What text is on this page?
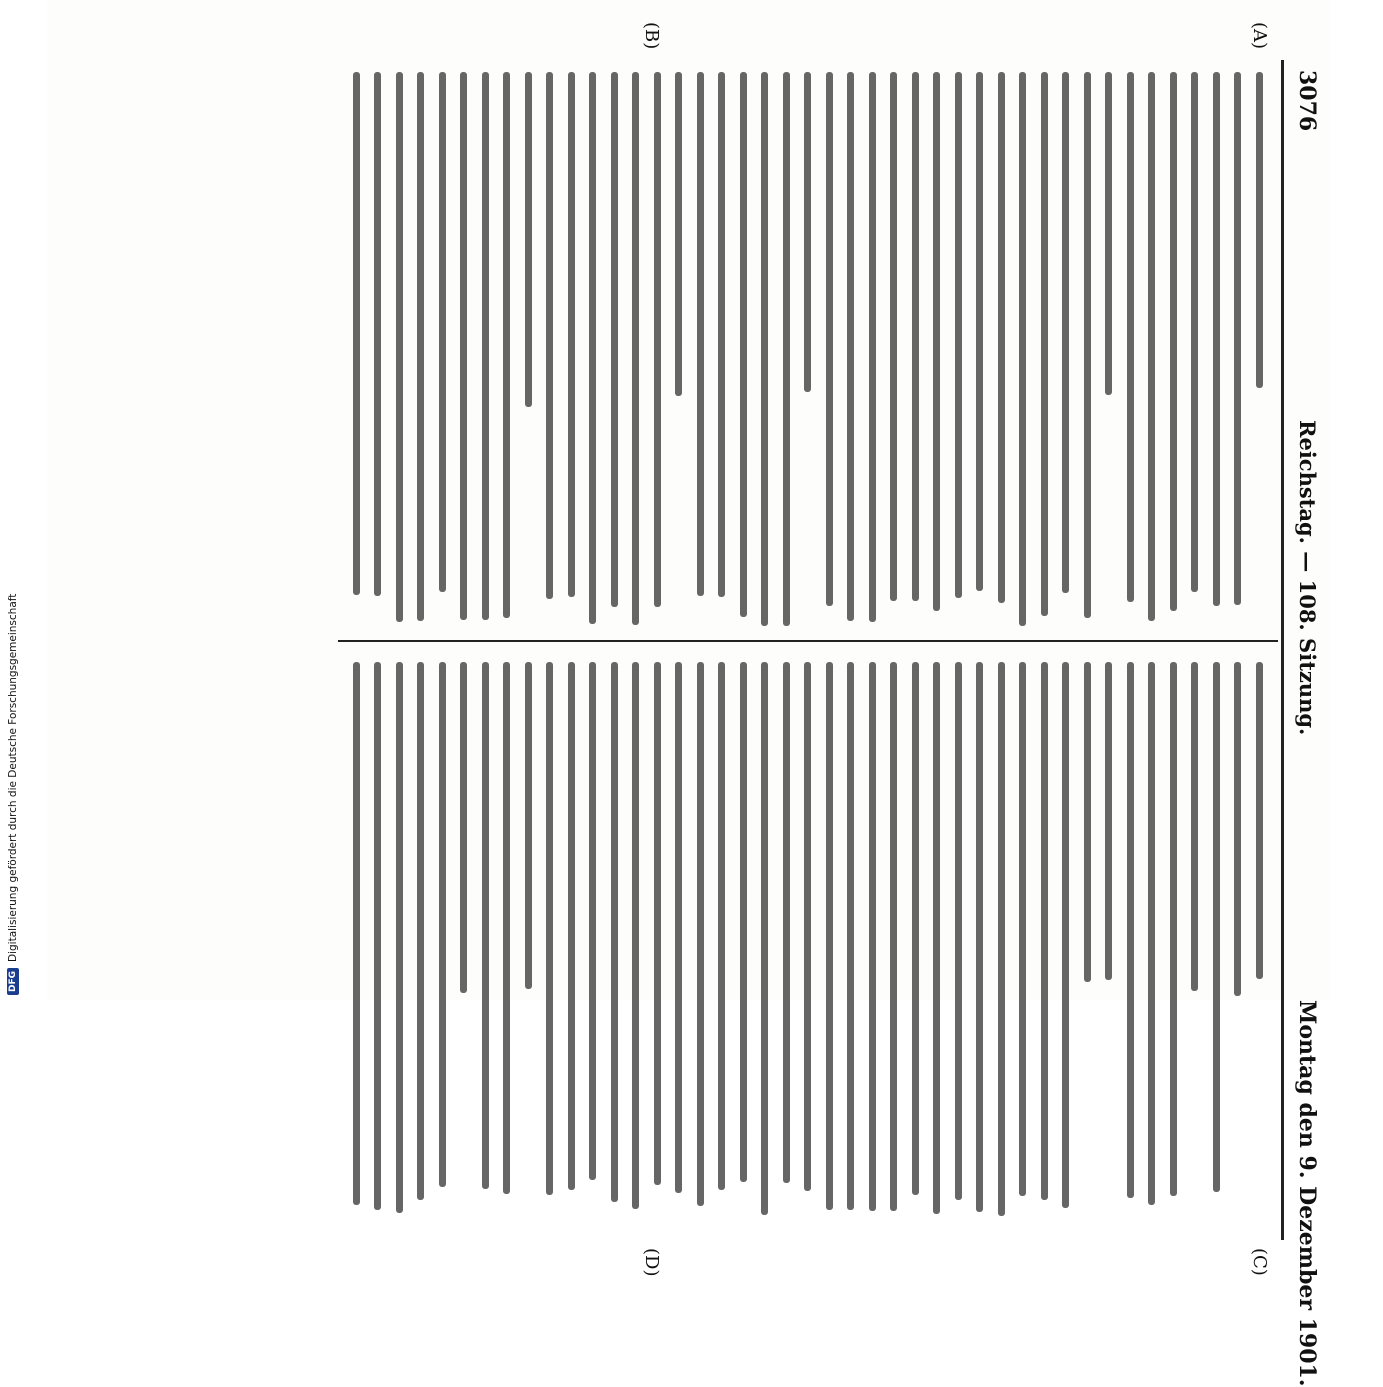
3076
Reichstag. — 108. Sitzung.
Montag den 9. Dezember 1901.
(A)
(B)
(C)
(D)
DFG
Digitalisierung gefördert durch die Deutsche Forschungsgemeinschaft
